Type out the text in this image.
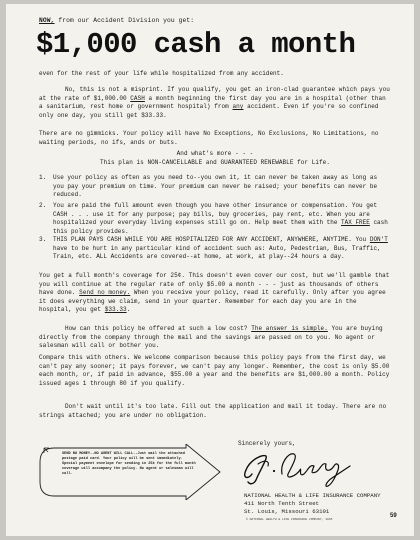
NOW, from our Accident Division you get:
$1,000 cash a month
even for the rest of your life while hospitalized from any accident.
No, this is not a misprint. If you qualify, you get an iron-clad guarantee which pays you at the rate of $1,000.00 CASH a month beginning the first day you are in a hospital (other than a sanitarium, rest home or government hospital) from any accident. Even if you're so confined only one day, you still get $33.33.
There are no gimmicks. Your policy will have No Exceptions, No Exclusions, No Limitations, no waiting periods, no ifs, ands or buts.
And what's more - - -
This plan is NON-CANCELLABLE and GUARANTEED RENEWABLE for Life.
1. Use your policy as often as you need to--you own it, it can never be taken away as long as you pay your premium on time. Your premium can never be raised; your benefits can never be reduced.
2. You are paid the full amount even though you have other insurance or compensation. You get CASH . . . use it for any purpose; pay bills, buy groceries, pay rent, etc. When you are hospitalized your everyday living expenses still go on. Help meet them with the TAX FREE cash this policy provides.
3. THIS PLAN PAYS CASH WHILE YOU ARE HOSPITALIZED FOR ANY ACCIDENT, ANYWHERE, ANYTIME. You DON'T have to be hurt in any particular kind of accident such as: Auto, Pedestrian, Bus, Traffic, Train, etc. ALL Accidents are covered--at home, at work, at play--24 hours a day.
You get a full month's coverage for 25¢. This doesn't even cover our cost, but we'll gamble that you will continue at the regular rate of only $5.00 a month - - - just as thousands of others have done. Send no money. When you receive your policy, read it carefully. Only after you agree it does everything we claim, send in your quarter. Remember for each day you are in the hospital, you get $33.33.
How can this policy be offered at such a low cost? The answer is simple. You are buying directly from the company through the mail and the savings are passed on to you. No agent or salesman will call or bother you.
Compare this with others. We welcome comparison because this policy pays from the first day, we can't pay any sooner; it pays forever, we can't pay any longer. Remember, the cost is only $5.00 each month, or, if paid in advance, $55.00 a year and the benefits are $1,000.00 a month. Policy issued ages 1 through 80 if you qualify.
Don't wait until it's too late. Fill out the application and mail it today. There are no strings attached; you are under no obligation.
SEND NO MONEY--NO AGENT WILL CALL--Just mail the attached postage paid card. Your policy will be sent immediately. Special payment envelope for sending in 25¢ for the full month coverage will accompany the policy. No agent or salesman will call.
Sincerely yours,
NATIONAL HEALTH & LIFE INSURANCE COMPANY
411 North Tenth Street
St. Louis, Missouri 63101
© NATIONAL HEALTH & LIFE INSURANCE COMPANY, 1965
59
